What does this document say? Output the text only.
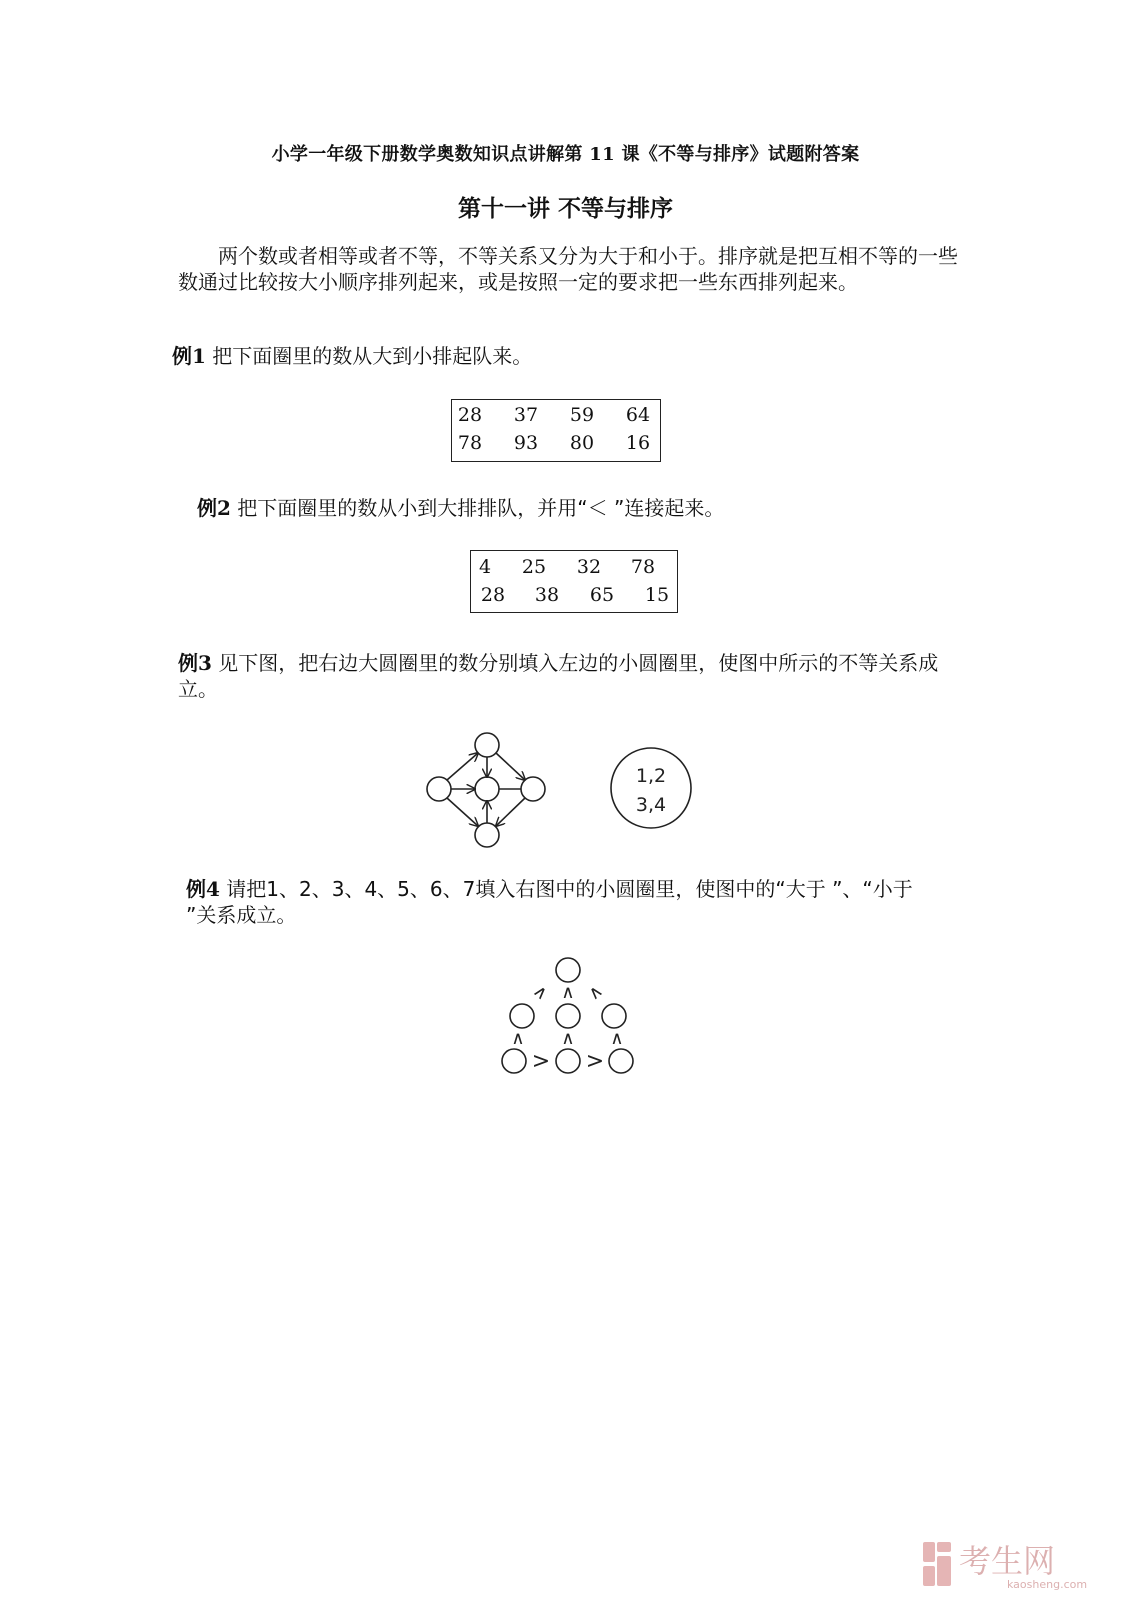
小学一年级下册数学奥数知识点讲解第 11 课《不等与排序》试题附答案
第十一讲 不等与排序

两个数或者相等或者不等，不等关系又分为大于和小于。排序就是把互相不等的一些数通过比较按大小顺序排列起来，或是按照一定的要求把一些东西排列起来。

例1 把下面圈里的数从大到小排起队来。

28	37	59	64
78	93	80	16

例2 把下面圈里的数从小到大排排队，并用“＜ ”连接起来。

4	25	32	78
28	38	65	15

例3 见下图，把右边大圆圈里的数分别填入左边的小圆圈里，使图中所示的不等关系成立。

1,2
3,4

例4 请把1、2、3、4、5、6、7填入右图中的小圆圈里，使图中的“大于 ”、“小于 ”关系成立。

∧ ∧ ∧
∧ ∧ ∧
> >
考生网
kaosheng.com
